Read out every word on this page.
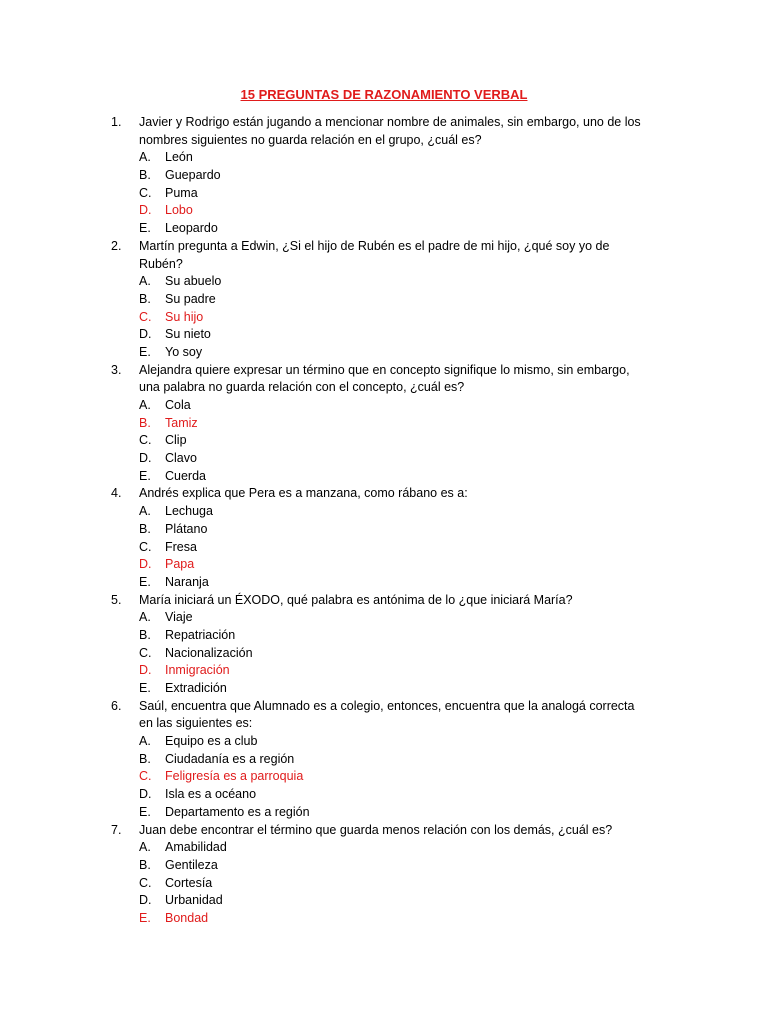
15 PREGUNTAS DE RAZONAMIENTO VERBAL
1. Javier y Rodrigo están jugando a mencionar nombre de animales, sin embargo, uno de los
nombres siguientes no guarda relación en el grupo, ¿cuál es?
A. León
B. Guepardo
C. Puma
D. Lobo
E. Leopardo
2. Martín pregunta a Edwin, ¿Si el hijo de Rubén es el padre de mi hijo, ¿qué soy yo de
Rubén?
A. Su abuelo
B. Su padre
C. Su hijo
D. Su nieto
E. Yo soy
3. Alejandra quiere expresar un término que en concepto signifique lo mismo, sin embargo,
una palabra no guarda relación con el concepto, ¿cuál es?
A. Cola
B. Tamiz
C. Clip
D. Clavo
E. Cuerda
4. Andrés explica que Pera es a manzana, como rábano es a:
A. Lechuga
B. Plátano
C. Fresa
D. Papa
E. Naranja
5. María iniciará un ÉXODO, qué palabra es antónima de lo ¿que iniciará María?
A. Viaje
B. Repatriación
C. Nacionalización
D. Inmigración
E. Extradición
6. Saúl, encuentra que Alumnado es a colegio, entonces, encuentra que la analogá correcta
en las siguientes es:
A. Equipo es a club
B. Ciudadanía es a región
C. Feligresía es a parroquia
D. Isla es a océano
E. Departamento es a región
7. Juan debe encontrar el término que guarda menos relación con los demás, ¿cuál es?
A. Amabilidad
B. Gentileza
C. Cortesía
D. Urbanidad
E. Bondad
